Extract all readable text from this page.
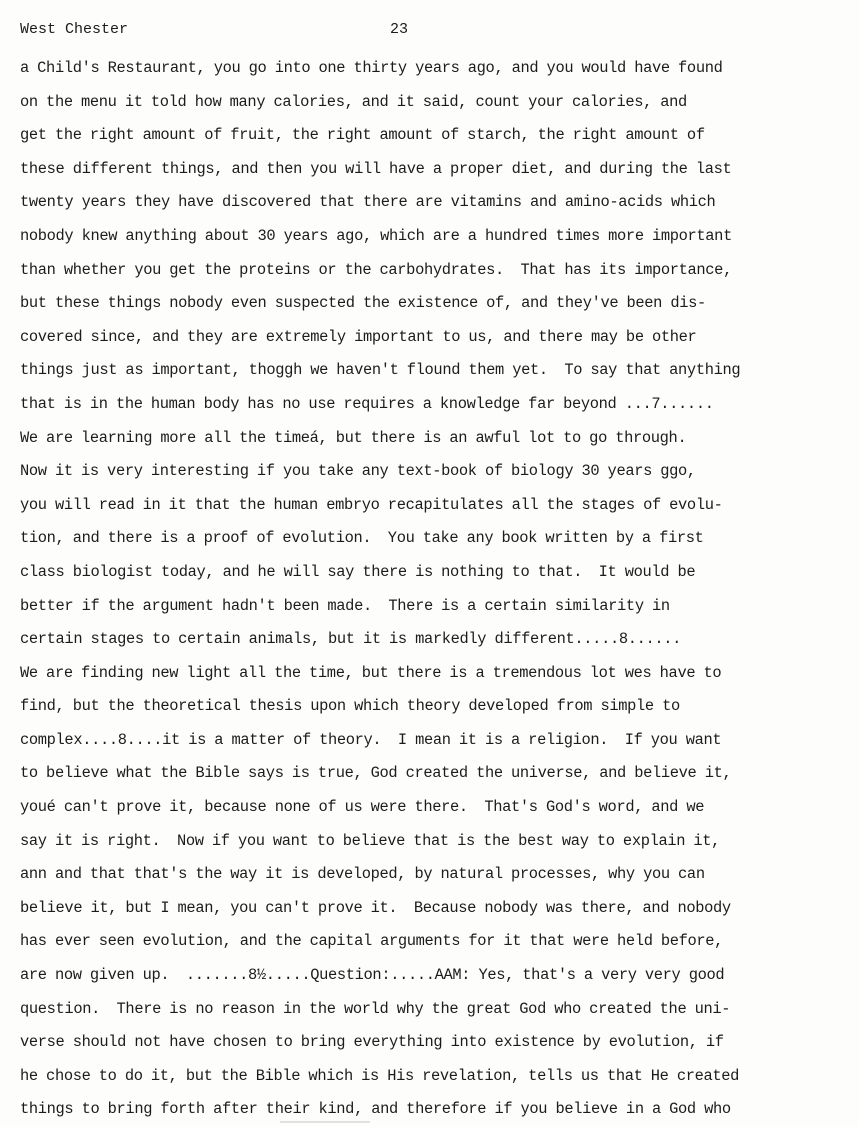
West Chester	23
a Child's Restaurant, you go into one thirty years ago, and you would have found
on the menu it told how many calories, and it said, count your calories, and
get the right amount of fruit, the right amount of starch, the right amount of
these different things, and then you will have a proper diet, and during the last
twenty years they have discovered that there are vitamins and amino-acids which
nobody knew anything about 30 years ago, which are a hundred times more important
than whether you get the proteins or the carbohydrates.  That has its importance,
but these things nobody even suspected the existence of, and they've been dis-
covered since, and they are extremely important to us, and there may be other
things just as important, thoggh we haven't flound them yet.  To say that anything
that is in the human body has no use requires a knowledge far beyond ...7......
We are learning more all the timeá, but there is an awful lot to go through.
Now it is very interesting if you take any text-book of biology 30 years ggo,
you will read in it that the human embryo recapitulates all the stages of evolu-
tion, and there is a proof of evolution.  You take any book written by a first
class biologist today, and he will say there is nothing to that.  It would be
better if the argument hadn't been made.  There is a certain similarity in
certain stages to certain animals, but it is markedly different.....8......
We are finding new light all the time, but there is a tremendous lot wes have to
find, but the theoretical thesis upon which theory developed from simple to
complex....8....it is a matter of theory.  I mean it is a religion.  If you want
to believe what the Bible says is true, God created the universe, and believe it,
youé can't prove it, because none of us were there.  That's God's word, and we
say it is right.  Now if you want to believe that is the best way to explain it,
ann and that that's the way it is developed, by natural processes, why you can
believe it, but I mean, you can't prove it.  Because nobody was there, and nobody
has ever seen evolution, and the capital arguments for it that were held before,
are now given up.  .......8½.....Question:.....AAM: Yes, that's a very very good
question.  There is no reason in the world why the great God who created the uni-
verse should not have chosen to bring everything into existence by evolution, if
he chose to do it, but the Bible which is His revelation, tells us that He created
things to bring forth after their kind, and therefore if you believe in a God who
